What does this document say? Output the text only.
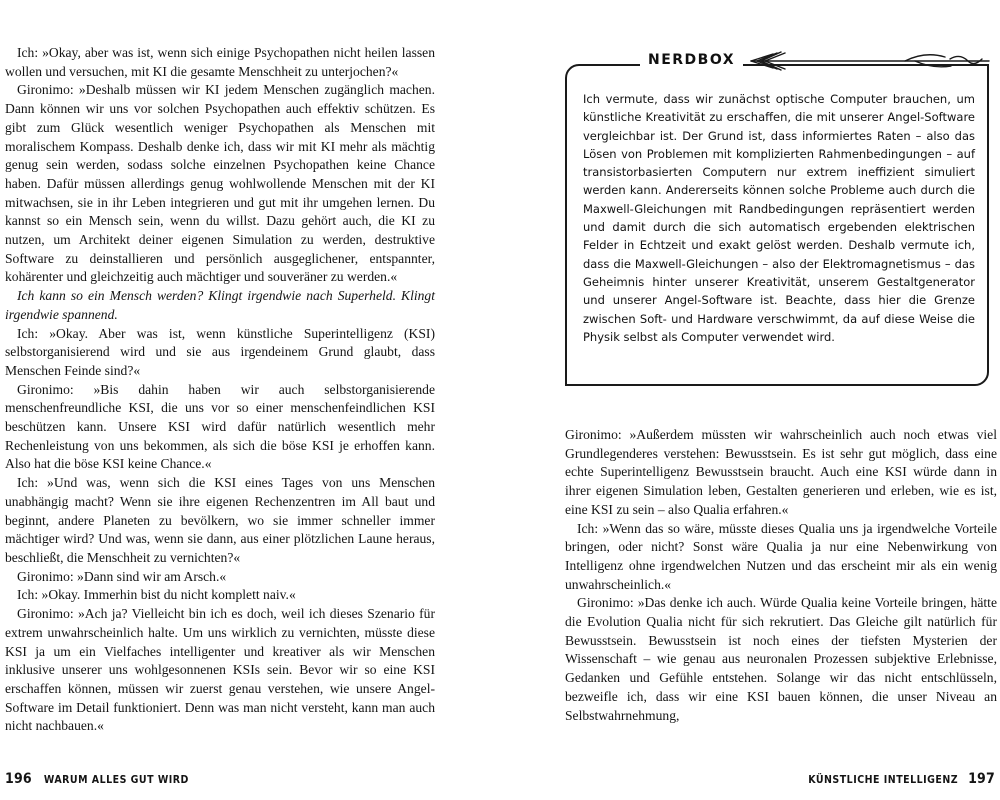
Ich: »Okay, aber was ist, wenn sich einige Psychopathen nicht heilen lassen wollen und versuchen, mit KI die gesamte Menschheit zu unterjochen?«

Gironimo: »Deshalb müssen wir KI jedem Menschen zugänglich machen. Dann können wir uns vor solchen Psychopathen auch effektiv schützen. Es gibt zum Glück wesentlich weniger Psychopathen als Menschen mit moralischem Kompass. Deshalb denke ich, dass wir mit KI mehr als mächtig genug sein werden, sodass solche einzelnen Psychopathen keine Chance haben. Dafür müssen allerdings genug wohlwollende Menschen mit der KI mitwachsen, sie in ihr Leben integrieren und gut mit ihr umgehen lernen. Du kannst so ein Mensch sein, wenn du willst. Dazu gehört auch, die KI zu nutzen, um Architekt deiner eigenen Simulation zu werden, destruktive Software zu deinstallieren und persönlich ausgeglichener, entspannter, kohärenter und gleichzeitig auch mächtiger und souveräner zu werden.«

Ich kann so ein Mensch werden? Klingt irgendwie nach Superheld. Klingt irgendwie spannend.

Ich: »Okay. Aber was ist, wenn künstliche Superintelligenz (KSI) selbstorganisierend wird und sie aus irgendeinem Grund glaubt, dass Menschen Feinde sind?«

Gironimo: »Bis dahin haben wir auch selbstorganisierende menschenfreundliche KSI, die uns vor so einer menschenfeindlichen KSI beschützen kann. Unsere KSI wird dafür natürlich wesentlich mehr Rechenleistung von uns bekommen, als sich die böse KSI je erhoffen kann. Also hat die böse KSI keine Chance.«

Ich: »Und was, wenn sich die KSI eines Tages von uns Menschen unabhängig macht? Wenn sie ihre eigenen Rechenzentren im All baut und beginnt, andere Planeten zu bevölkern, wo sie immer schneller immer mächtiger wird? Und was, wenn sie dann, aus einer plötzlichen Laune heraus, beschließt, die Menschheit zu vernichten?«

Gironimo: »Dann sind wir am Arsch.«

Ich: »Okay. Immerhin bist du nicht komplett naiv.«

Gironimo: »Ach ja? Vielleicht bin ich es doch, weil ich dieses Szenario für extrem unwahrscheinlich halte. Um uns wirklich zu vernichten, müsste diese KSI ja um ein Vielfaches intelligenter und kreativer als wir Menschen inklusive unserer uns wohlgesonnenen KSIs sein. Bevor wir so eine KSI erschaffen können, müssen wir zuerst genau verstehen, wie unsere Angel-Software im Detail funktioniert. Denn was man nicht versteht, kann man auch nicht nachbauen.«

Ich vermute, dass wir zunächst optische Computer brauchen, um künstliche Kreativität zu erschaffen, die mit unserer Angel-Software vergleichbar ist. Der Grund ist, dass informiertes Raten – also das Lösen von Problemen mit komplizierten Rahmenbedingungen – auf transistorbasierten Computern nur extrem ineffizient simuliert werden kann. Andererseits können solche Probleme auch durch die Maxwell-Gleichungen mit Randbedingungen repräsentiert werden und damit durch die sich automatisch ergebenden elektrischen Felder in Echtzeit und exakt gelöst werden. Deshalb vermute ich, dass die Maxwell-Gleichungen – also der Elektromagnetismus – das Geheimnis hinter unserer Kreativität, unserem Gestaltgenerator und unserer Angel-Software ist. Beachte, dass hier die Grenze zwischen Soft- und Hardware verschwimmt, da auf diese Weise die Physik selbst als Computer verwendet wird.
NERDBOX

Gironimo: »Außerdem müssten wir wahrscheinlich auch noch etwas viel Grundlegenderes verstehen: Bewusstsein. Es ist sehr gut möglich, dass eine echte Superintelligenz Bewusstsein braucht. Auch eine KSI würde dann in ihrer eigenen Simulation leben, Gestalten generieren und erleben, wie es ist, eine KSI zu sein – also Qualia erfahren.«

Ich: »Wenn das so wäre, müsste dieses Qualia uns ja irgendwelche Vorteile bringen, oder nicht? Sonst wäre Qualia ja nur eine Nebenwirkung von Intelligenz ohne irgendwelchen Nutzen und das erscheint mir als ein wenig unwahrscheinlich.«

Gironimo: »Das denke ich auch. Würde Qualia keine Vorteile bringen, hätte die Evolution Qualia nicht für sich rekrutiert. Das Gleiche gilt natürlich für Bewusstsein. Bewusstsein ist noch eines der tiefsten Mysterien der Wissenschaft – wie genau aus neuronalen Prozessen subjektive Erlebnisse, Gedanken und Gefühle entstehen. Solange wir das nicht entschlüsseln, bezweifle ich, dass wir eine KSI bauen können, die unser Niveau an Selbstwahrnehmung,

196 WARUM ALLES GUT WIRD	KÜNSTLICHE INTELLIGENZ 197
